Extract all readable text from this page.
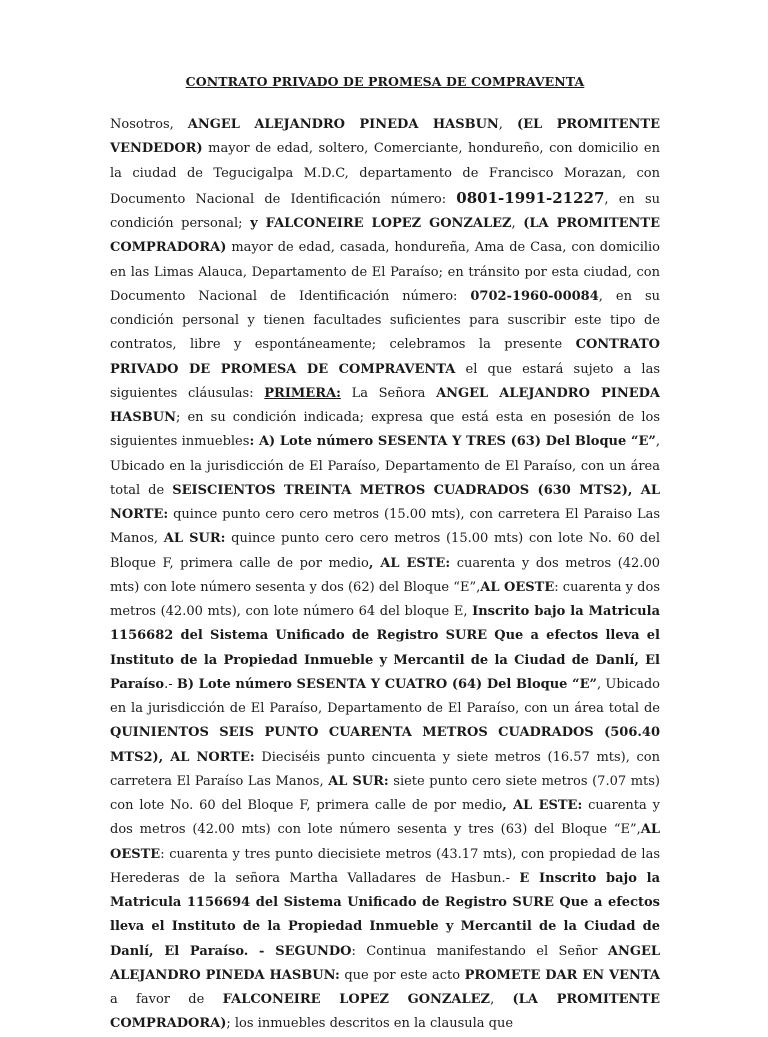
CONTRATO PRIVADO DE PROMESA DE COMPRAVENTA

Nosotros, ANGEL ALEJANDRO PINEDA HASBUN, (EL PROMITENTE VENDEDOR) mayor de edad, soltero, Comerciante, hondureño, con domicilio en la ciudad de Tegucigalpa M.D.C, departamento de Francisco Morazan, con Documento Nacional de Identificación número: 0801-1991-21227, en su condición personal; y FALCONEIRE LOPEZ GONZALEZ, (LA PROMITENTE COMPRADORA) mayor de edad, casada, hondureña, Ama de Casa, con domicilio en las Limas Alauca, Departamento de El Paraíso; en tránsito por esta ciudad, con Documento Nacional de Identificación número: 0702-1960-00084, en su condición personal y tienen facultades suficientes para suscribir este tipo de contratos, libre y espontáneamente; celebramos la presente CONTRATO PRIVADO DE PROMESA DE COMPRAVENTA el que estará sujeto a las siguientes cláusulas: PRIMERA: La Señora ANGEL ALEJANDRO PINEDA HASBUN; en su condición indicada; expresa que está esta en posesión de los siguientes inmuebles: A) Lote número SESENTA Y TRES (63) Del Bloque “E”, Ubicado en la jurisdicción de El Paraíso, Departamento de El Paraíso, con un área total de SEISCIENTOS TREINTA METROS CUADRADOS (630 MTS2), AL NORTE: quince punto cero cero metros (15.00 mts), con carretera El Paraiso Las Manos, AL SUR: quince punto cero cero metros (15.00 mts) con lote No. 60 del Bloque F, primera calle de por medio, AL ESTE: cuarenta y dos metros (42.00 mts) con lote número sesenta y dos (62) del Bloque “E”,AL OESTE: cuarenta y dos metros (42.00 mts), con lote número 64 del bloque E, Inscrito bajo la Matricula 1156682 del Sistema Unificado de Registro SURE Que a efectos lleva el Instituto de la Propiedad Inmueble y Mercantil de la Ciudad de Danlí, El Paraíso.- B) Lote número SESENTA Y CUATRO (64) Del Bloque “E”, Ubicado en la jurisdicción de El Paraíso, Departamento de El Paraíso, con un área total de QUINIENTOS SEIS PUNTO CUARENTA METROS CUADRADOS (506.40 MTS2), AL NORTE: Dieciséis punto cincuenta y siete metros (16.57 mts), con carretera El Paraíso Las Manos, AL SUR: siete punto cero siete metros (7.07 mts) con lote No. 60 del Bloque F, primera calle de por medio, AL ESTE: cuarenta y dos metros (42.00 mts) con lote número sesenta y tres (63) del Bloque “E”,AL OESTE: cuarenta y tres punto diecisiete metros (43.17 mts), con propiedad de las Herederas de la señora Martha Valladares de Hasbun.- E Inscrito bajo la Matricula 1156694 del Sistema Unificado de Registro SURE Que a efectos lleva el Instituto de la Propiedad Inmueble y Mercantil de la Ciudad de Danlí, El Paraíso. - SEGUNDO: Continua manifestando el Señor ANGEL ALEJANDRO PINEDA HASBUN: que por este acto PROMETE DAR EN VENTA a favor de FALCONEIRE LOPEZ GONZALEZ, (LA PROMITENTE COMPRADORA); los inmuebles descritos en la clausula que
